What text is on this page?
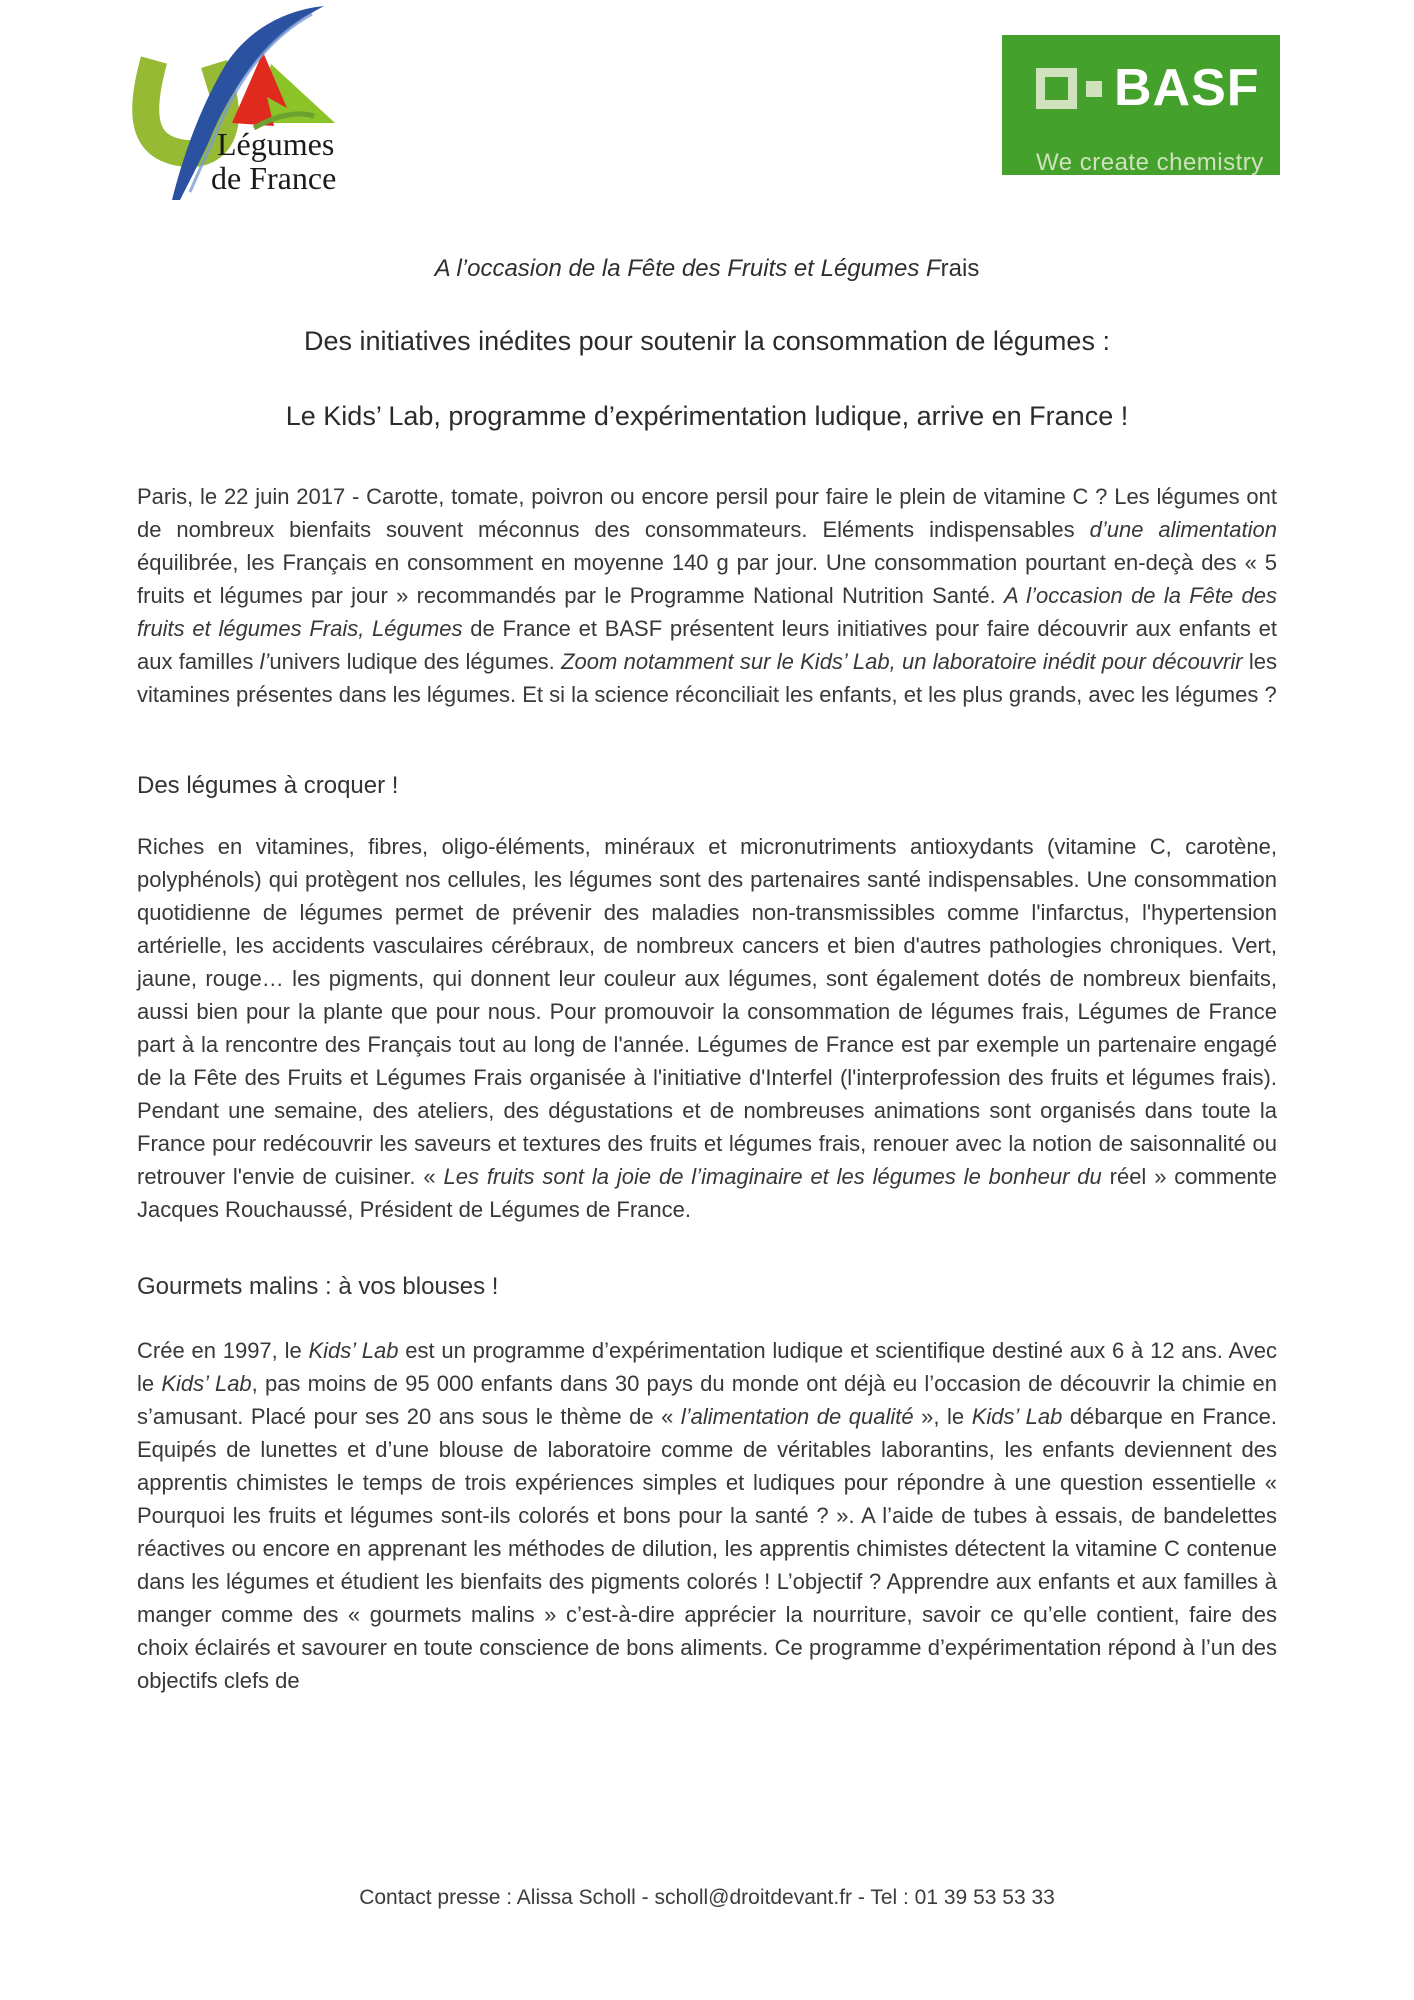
Légumes
de France
BASF
We create chemistry

A l’occasion de la Fête des Fruits et Légumes Frais

Des initiatives inédites pour soutenir la consommation de légumes :
Le Kids’ Lab, programme d’expérimentation ludique, arrive en France !

Paris, le 22 juin 2017 - Carotte, tomate, poivron ou encore persil pour faire le plein de vitamine C ? Les légumes ont de nombreux bienfaits souvent méconnus des consommateurs. Eléments indispensables d’une alimentation équilibrée, les Français en consomment en moyenne 140 g par jour. Une consommation pourtant en-deçà des « 5 fruits et légumes par jour » recommandés par le Programme National Nutrition Santé. A l’occasion de la Fête des fruits et légumes Frais, Légumes de France et BASF présentent leurs initiatives pour faire découvrir aux enfants et aux familles l’univers ludique des légumes. Zoom notamment sur le Kids’ Lab, un laboratoire inédit pour découvrir les vitamines présentes dans les légumes. Et si la science réconciliait les enfants, et les plus grands, avec les légumes ?

Des légumes à croquer !

Riches en vitamines, fibres, oligo-éléments, minéraux et micronutriments antioxydants (vitamine C, carotène, polyphénols) qui protègent nos cellules, les légumes sont des partenaires santé indispensables. Une consommation quotidienne de légumes permet de prévenir des maladies non-transmissibles comme l'infarctus, l'hypertension artérielle, les accidents vasculaires cérébraux, de nombreux cancers et bien d'autres pathologies chroniques. Vert, jaune, rouge… les pigments, qui donnent leur couleur aux légumes, sont également dotés de nombreux bienfaits, aussi bien pour la plante que pour nous. Pour promouvoir la consommation de légumes frais, Légumes de France part à la rencontre des Français tout au long de l'année. Légumes de France est par exemple un partenaire engagé de la Fête des Fruits et Légumes Frais organisée à l'initiative d'Interfel (l'interprofession des fruits et légumes frais). Pendant une semaine, des ateliers, des dégustations et de nombreuses animations sont organisés dans toute la France pour redécouvrir les saveurs et textures des fruits et légumes frais, renouer avec la notion de saisonnalité ou retrouver l'envie de cuisiner. « Les fruits sont la joie de l’imaginaire et les légumes le bonheur du réel » commente Jacques Rouchaussé, Président de Légumes de France.

Gourmets malins : à vos blouses !

Crée en 1997, le Kids’ Lab est un programme d’expérimentation ludique et scientifique destiné aux 6 à 12 ans. Avec le Kids’ Lab, pas moins de 95 000 enfants dans 30 pays du monde ont déjà eu l’occasion de découvrir la chimie en s’amusant. Placé pour ses 20 ans sous le thème de « l’alimentation de qualité », le Kids’ Lab débarque en France. Equipés de lunettes et d’une blouse de laboratoire comme de véritables laborantins, les enfants deviennent des apprentis chimistes le temps de trois expériences simples et ludiques pour répondre à une question essentielle « Pourquoi les fruits et légumes sont-ils colorés et bons pour la santé ? ». A l’aide de tubes à essais, de bandelettes réactives ou encore en apprenant les méthodes de dilution, les apprentis chimistes détectent la vitamine C contenue dans les légumes et étudient les bienfaits des pigments colorés ! L’objectif ? Apprendre aux enfants et aux familles à manger comme des « gourmets malins » c’est-à-dire apprécier la nourriture, savoir ce qu’elle contient, faire des choix éclairés et savourer en toute conscience de bons aliments. Ce programme d’expérimentation répond à l’un des objectifs clefs de

Contact presse : Alissa Scholl - scholl@droitdevant.fr - Tel : 01 39 53 53 33
